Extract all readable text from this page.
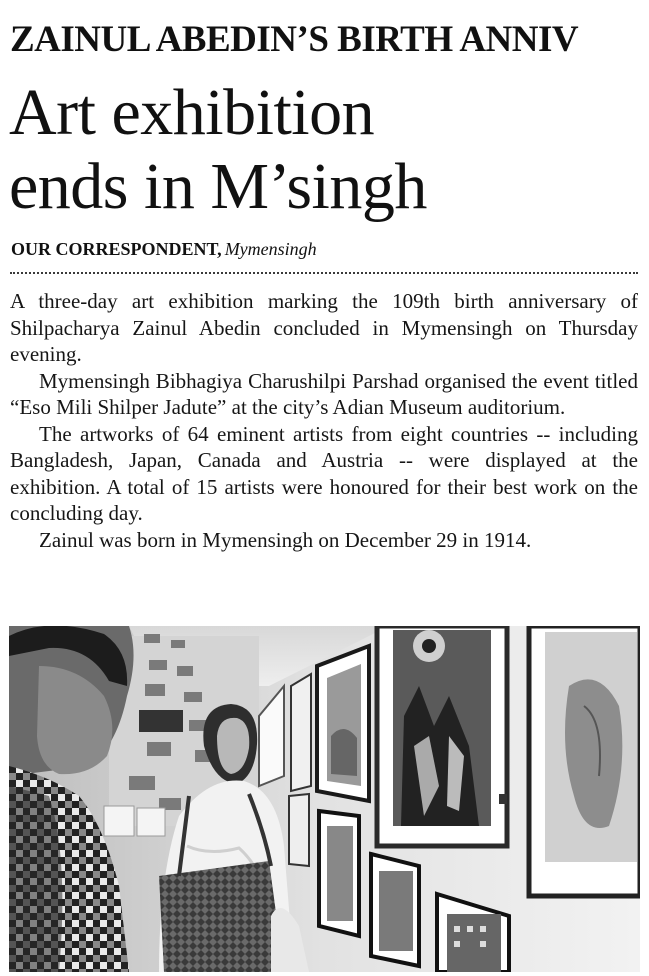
ZAINUL ABEDIN’S BIRTH ANNIV
Art exhibition
ends in M’singh
OUR CORRESPONDENT, Mymensingh

A three-day art exhibition marking the 109th birth anniversary of Shilpacharya Zainul Abedin concluded in Mymensingh on Thursday evening.

Mymensingh Bibhagiya Charushilpi Parshad organised the event titled “Eso Mili Shilper Jadute” at the city’s Adian Museum auditorium.

The artworks of 64 eminent artists from eight countries -- including Bangladesh, Japan, Canada and Austria -- were displayed at the exhibition. A total of 15 artists were honoured for their best work on the concluding day.

Zainul was born in Mymensingh on December 29 in 1914.
